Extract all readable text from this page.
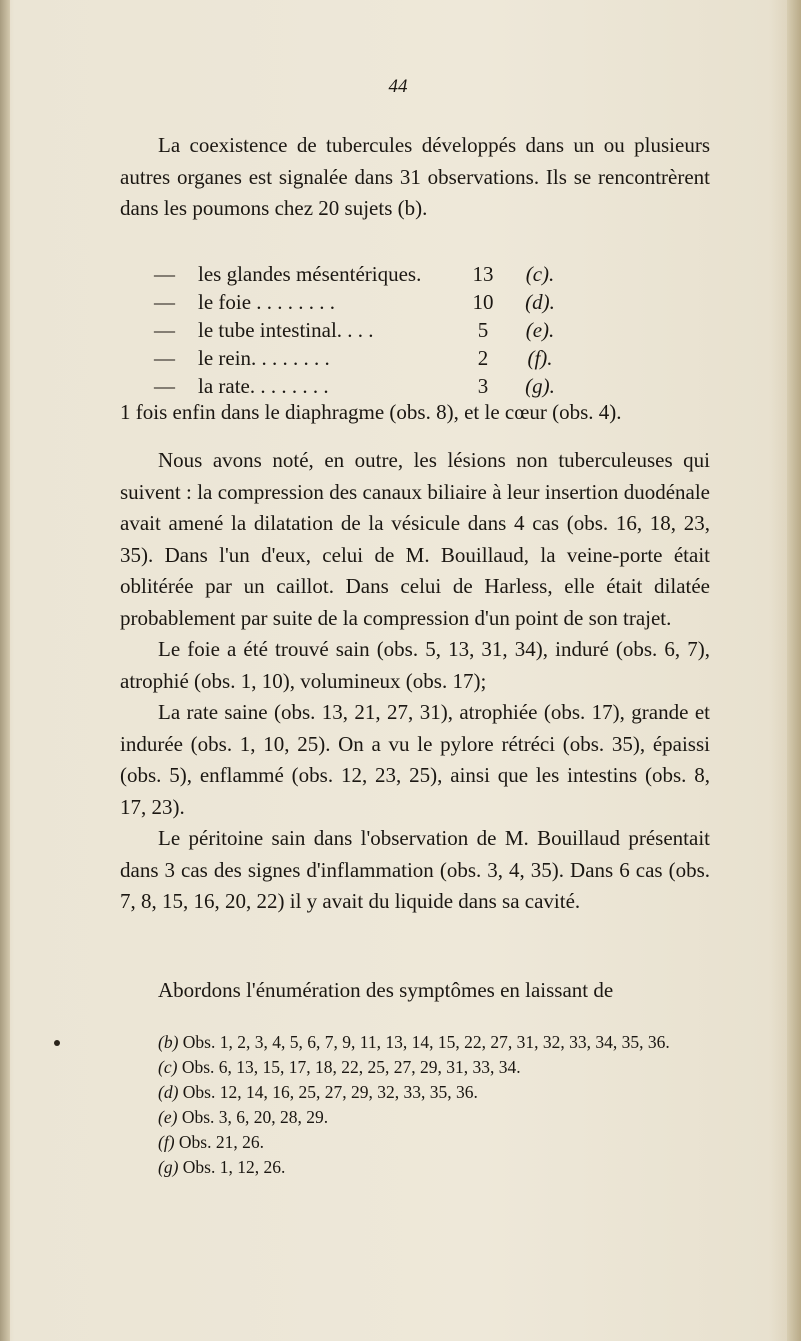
44

La coexistence de tubercules développés dans un ou plusieurs autres organes est signalée dans 31 observations. Ils se rencontrèrent dans les poumons chez 20 sujets (b).

—	les glandes mésentériques.	13	(c).
—	le foie . . . . . . . .	10	(d).
—	le tube intestinal. . . .	5	(e).
—	le rein. . . . . . . .	2	(f).
—	la rate. . . . . . . .	3	(g).
1 fois enfin dans le diaphragme (obs. 8), et le cœur (obs. 4).

Nous avons noté, en outre, les lésions non tuberculeuses qui suivent : la compression des canaux biliaire à leur insertion duodénale avait amené la dilatation de la vésicule dans 4 cas (obs. 16, 18, 23, 35). Dans l'un d'eux, celui de M. Bouillaud, la veine-porte était oblitérée par un caillot. Dans celui de Harless, elle était dilatée probablement par suite de la compression d'un point de son trajet.

Le foie a été trouvé sain (obs. 5, 13, 31, 34), induré (obs. 6, 7), atrophié (obs. 1, 10), volumineux (obs. 17);

La rate saine (obs. 13, 21, 27, 31), atrophiée (obs. 17), grande et indurée (obs. 1, 10, 25). On a vu le pylore rétréci (obs. 35), épaissi (obs. 5), enflammé (obs. 12, 23, 25), ainsi que les intestins (obs. 8, 17, 23).

Le péritoine sain dans l'observation de M. Bouillaud présentait dans 3 cas des signes d'inflammation (obs. 3, 4, 35). Dans 6 cas (obs. 7, 8, 15, 16, 20, 22) il y avait du liquide dans sa cavité.

Abordons l'énumération des symptômes en laissant de

(b) Obs. 1, 2, 3, 4, 5, 6, 7, 9, 11, 13, 14, 15, 22, 27, 31, 32, 33, 34, 35, 36.

(c) Obs. 6, 13, 15, 17, 18, 22, 25, 27, 29, 31, 33, 34.

(d) Obs. 12, 14, 16, 25, 27, 29, 32, 33, 35, 36.

(e) Obs. 3, 6, 20, 28, 29.

(f) Obs. 21, 26.

(g) Obs. 1, 12, 26.
